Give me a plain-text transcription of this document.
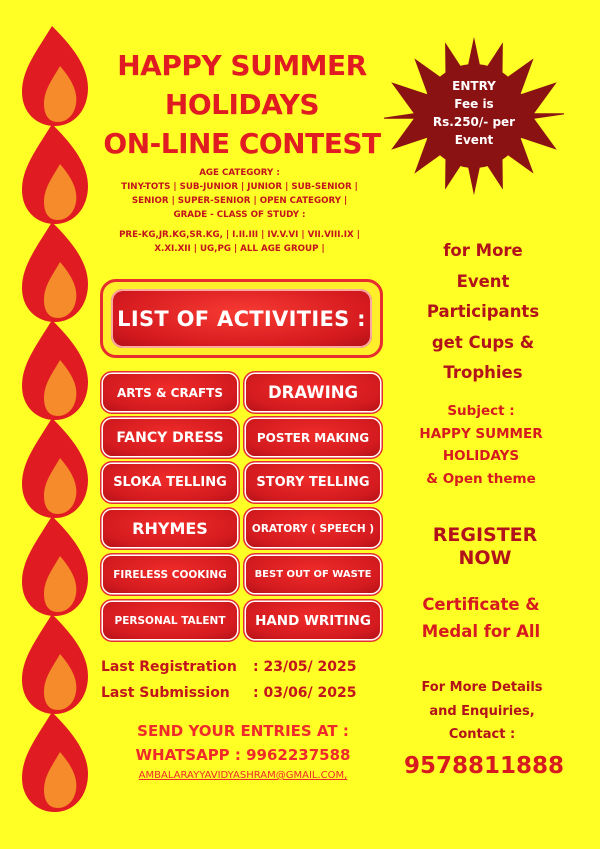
HAPPY SUMMER
HOLIDAYS
ON-LINE CONTEST
AGE CATEGORY :
TINY-TOTS | SUB-JUNIOR | JUNIOR | SUB-SENIOR |
SENIOR | SUPER-SENIOR | OPEN CATEGORY |
GRADE - CLASS OF STUDY :
PRE-KG,JR.KG,SR.KG, | I.II.III | IV.V.VI | VII.VIII.IX |
X.XI.XII | UG,PG | ALL AGE GROUP |
ENTRY
Fee is
Rs.250/- per
Event
LIST OF ACTIVITIES :
ARTS & CRAFTS	DRAWING
FANCY DRESS	POSTER MAKING
SLOKA TELLING	STORY TELLING
RHYMES	ORATORY ( SPEECH )
FIRELESS COOKING	BEST OUT OF WASTE
PERSONAL TALENT	HAND WRITING
Last Registration : 23/05/ 2025
Last Submission : 03/06/ 2025
SEND YOUR ENTRIES AT :
WHATSAPP : 9962237588
AMBALARAYYAVIDYASHRAM@GMAIL.COM,
for More
Event
Participants
get Cups &
Trophies
Subject :
HAPPY SUMMER
HOLIDAYS
& Open theme
REGISTER
NOW
Certificate &
Medal for All
For More Details
and Enquiries,
Contact :
9578811888
